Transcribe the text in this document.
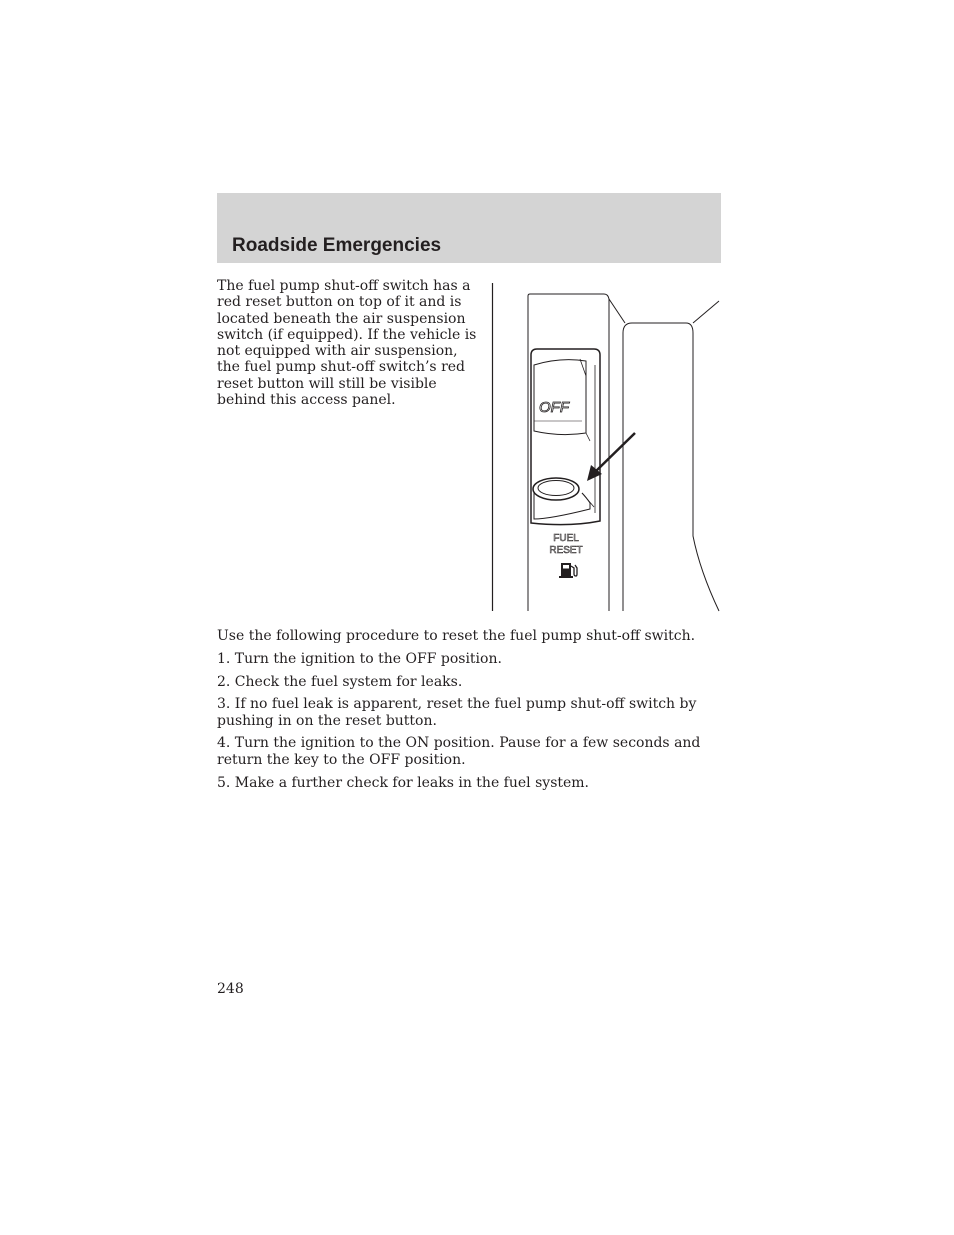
Roadside Emergencies

The fuel pump shut-off switch has a red reset button on top of it and is located beneath the air suspension switch (if equipped). If the vehicle is not equipped with air suspension, the fuel pump shut-off switch’s red reset button will still be visible behind this access panel.	OFF
FUEL
RESET

Use the following procedure to reset the fuel pump shut-off switch.

1. Turn the ignition to the OFF position.

2. Check the fuel system for leaks.

3. If no fuel leak is apparent, reset the fuel pump shut-off switch by pushing in on the reset button.

4. Turn the ignition to the ON position. Pause for a few seconds and return the key to the OFF position.

5. Make a further check for leaks in the fuel system.

248
